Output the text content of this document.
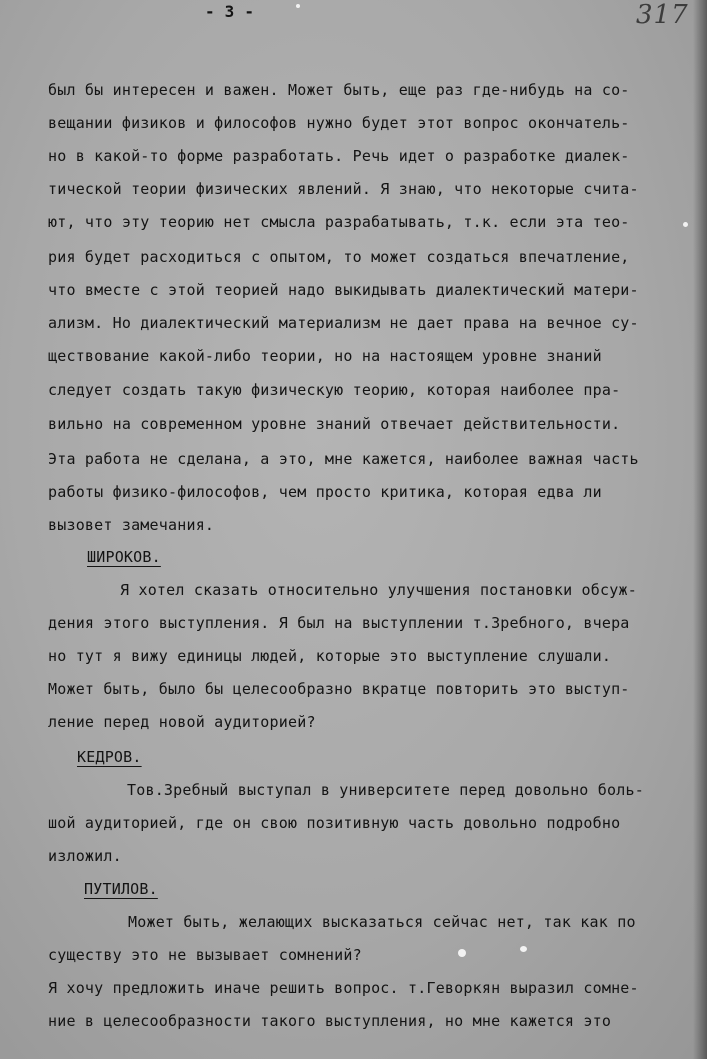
- 3 -	317
был бы интересен и важен. Может быть, еще раз где-нибудь на со-
вещании физиков и философов нужно будет этот вопрос окончатель-
но в какой-то форме разработать. Речь идет о разработке диалек-
тической теории физических явлений. Я знаю, что некоторые счита-
ют, что эту теорию нет смысла разрабатывать, т.к. если эта тео-
рия будет расходиться с опытом, то может создаться впечатление,
что вместе с этой теорией надо выкидывать диалектический матери-
ализм. Но диалектический материализм не дает права на вечное су-
ществование какой-либо теории, но на настоящем уровне знаний
следует создать такую физическую теорию, которая наиболее пра-
вильно на современном уровне знаний отвечает действительности.
Эта работа не сделана, а это, мне кажется, наиболее важная часть
работы физико-философов, чем просто критика, которая едва ли
вызовет замечания.
ШИРОКОВ.
Я хотел сказать относительно улучшения постановки обсуж-
дения этого выступления. Я был на выступлении т.Зребного, вчера
но тут я вижу единицы людей, которые это выступление слушали.
Может быть, было бы целесообразно вкратце повторить это выступ-
ление перед новой аудиторией?
КЕДРОВ.
Тов.Зребный выступал в университете перед довольно боль-
шой аудиторией, где он свою позитивную часть довольно подробно
изложил.
ПУТИЛОВ.
Может быть, желающих высказаться сейчас нет, так как по
существу это не вызывает сомнений?
Я хочу предложить иначе решить вопрос. т.Геворкян выразил сомне-
ние в целесообразности такого выступления, но мне кажется это
